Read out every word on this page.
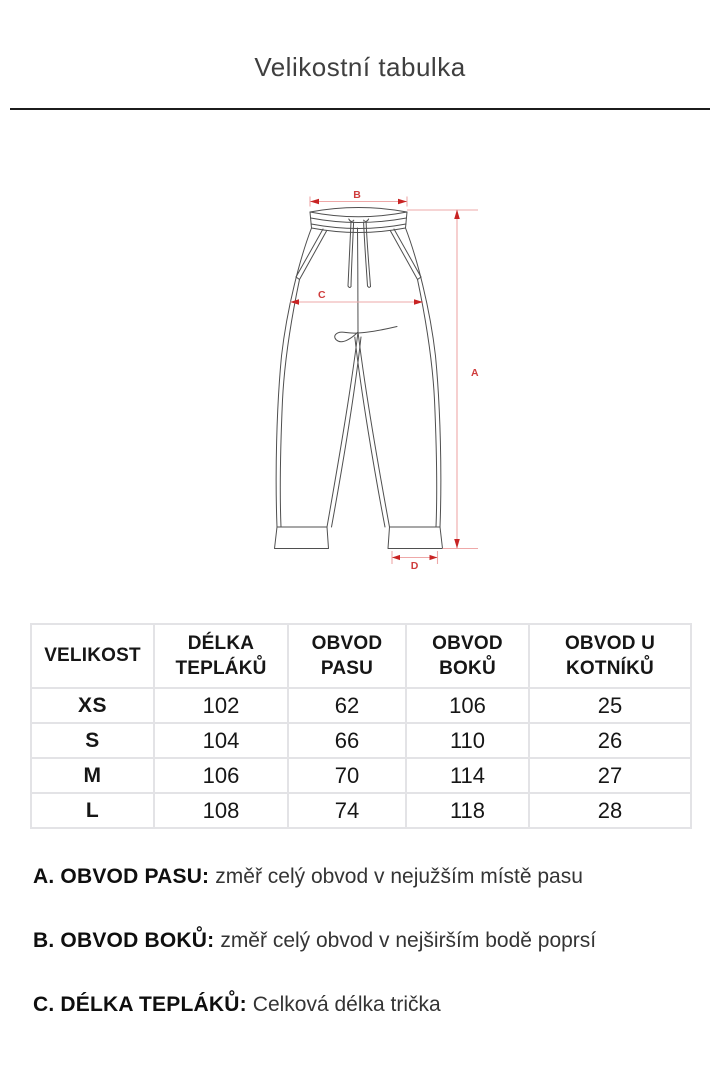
Velikostní tabulka
B
A
C
D
VELIKOST	DÉLKA TEPLÁKŮ	OBVOD PASU	OBVOD BOKŮ	OBVOD U KOTNÍKŮ
XS	102	62	106	25
S	104	66	110	26
M	106	70	114	27
L	108	74	118	28
A. OBVOD PASU: změř celý obvod v nejužším místě pasu
B. OBVOD BOKŮ: změř celý obvod v nejširším bodě poprsí
C. DÉLKA TEPLÁKŮ: Celková délka trička
